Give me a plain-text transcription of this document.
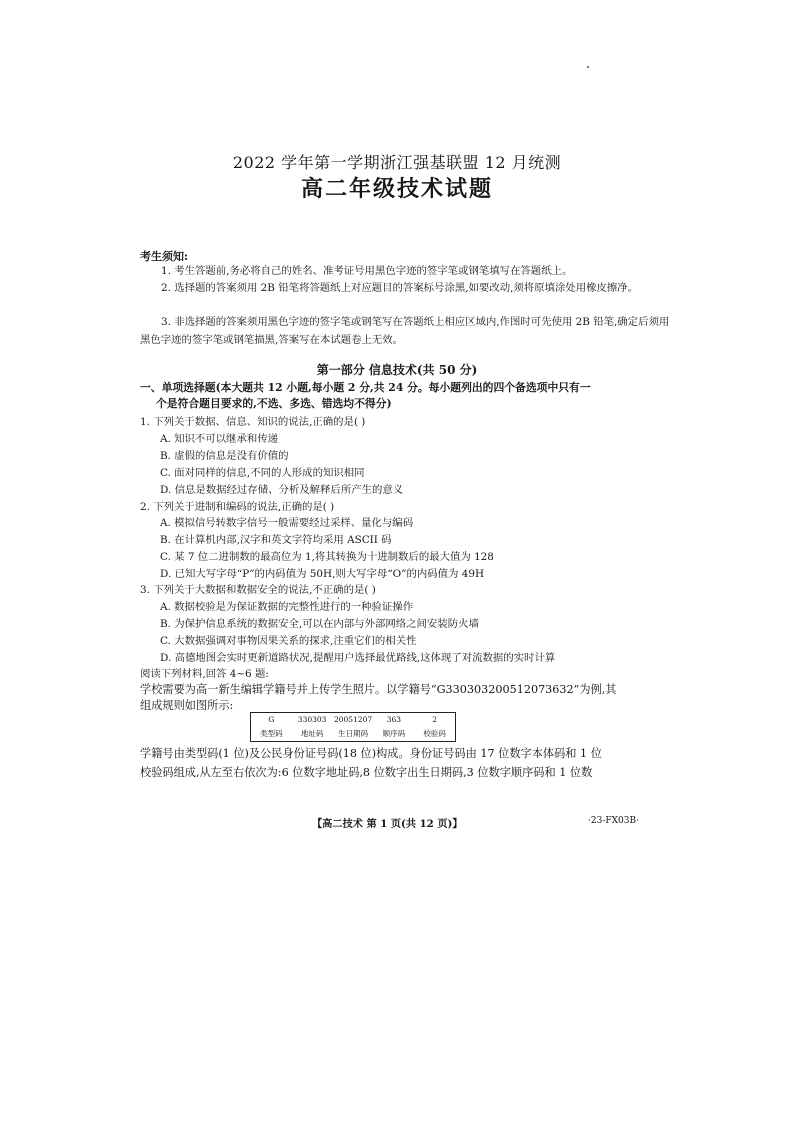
2022 学年第一学期浙江强基联盟 12 月统测
高二年级技术试题
考生须知:
1. 考生答题前,务必将自己的姓名、准考证号用黑色字迹的签字笔或钢笔填写在答题纸上。
2. 选择题的答案须用 2B 铅笔将答题纸上对应题目的答案标号涂黑,如要改动,须将原填涂处用橡皮擦净。
3. 非选择题的答案须用黑色字迹的签字笔或钢笔写在答题纸上相应区域内,作图时可先使用 2B 铅笔,确定后须用黑色字迹的签字笔或钢笔描黑,答案写在本试题卷上无效。
第一部分 信息技术(共 50 分)
一、单项选择题(本大题共 12 小题,每小题 2 分,共 24 分。每小题列出的四个备选项中只有一
个是符合题目要求的,不选、多选、错选均不得分)
1. 下列关于数据、信息、知识的说法,正确的是( )
A. 知识不可以继承和传递
B. 虚假的信息是没有价值的
C. 面对同样的信息,不同的人形成的知识相同
D. 信息是数据经过存储、分析及解释后所产生的意义
2. 下列关于进制和编码的说法,正确的是( )
A. 模拟信号转数字信号一般需要经过采样、量化与编码
B. 在计算机内部,汉字和英文字符均采用 ASCII 码
C. 某 7 位二进制数的最高位为 1,将其转换为十进制数后的最大值为 128
D. 已知大写字母“P”的内码值为 50H,则大写字母“O”的内码值为 49H
3. 下列关于大数据和数据安全的说法,不正确的是( )
A. 数据校验是为保证数据的完整性进行的一种验证操作
B. 为保护信息系统的数据安全,可以在内部与外部网络之间安装防火墙
C. 大数据强调对事物因果关系的探求,注重它们的相关性
D. 高德地图会实时更新道路状况,提醒用户选择最优路线,这体现了对流数据的实时计算
阅读下列材料,回答 4~6 题:
学校需要为高一新生编辑学籍号并上传学生照片。以学籍号“G330303200512073632”为例,其
组成规则如图所示:
G	330303	20051207	363	2
类型码	地址码	生日期码	顺序码	校验码
学籍号由类型码(1 位)及公民身份证号码(18 位)构成。身份证号码由 17 位数字本体码和 1 位
校验码组成,从左至右依次为:6 位数字地址码,8 位数字出生日期码,3 位数字顺序码和 1 位数
【高二技术 第 1 页(共 12 页)】	·23-FX03B·
